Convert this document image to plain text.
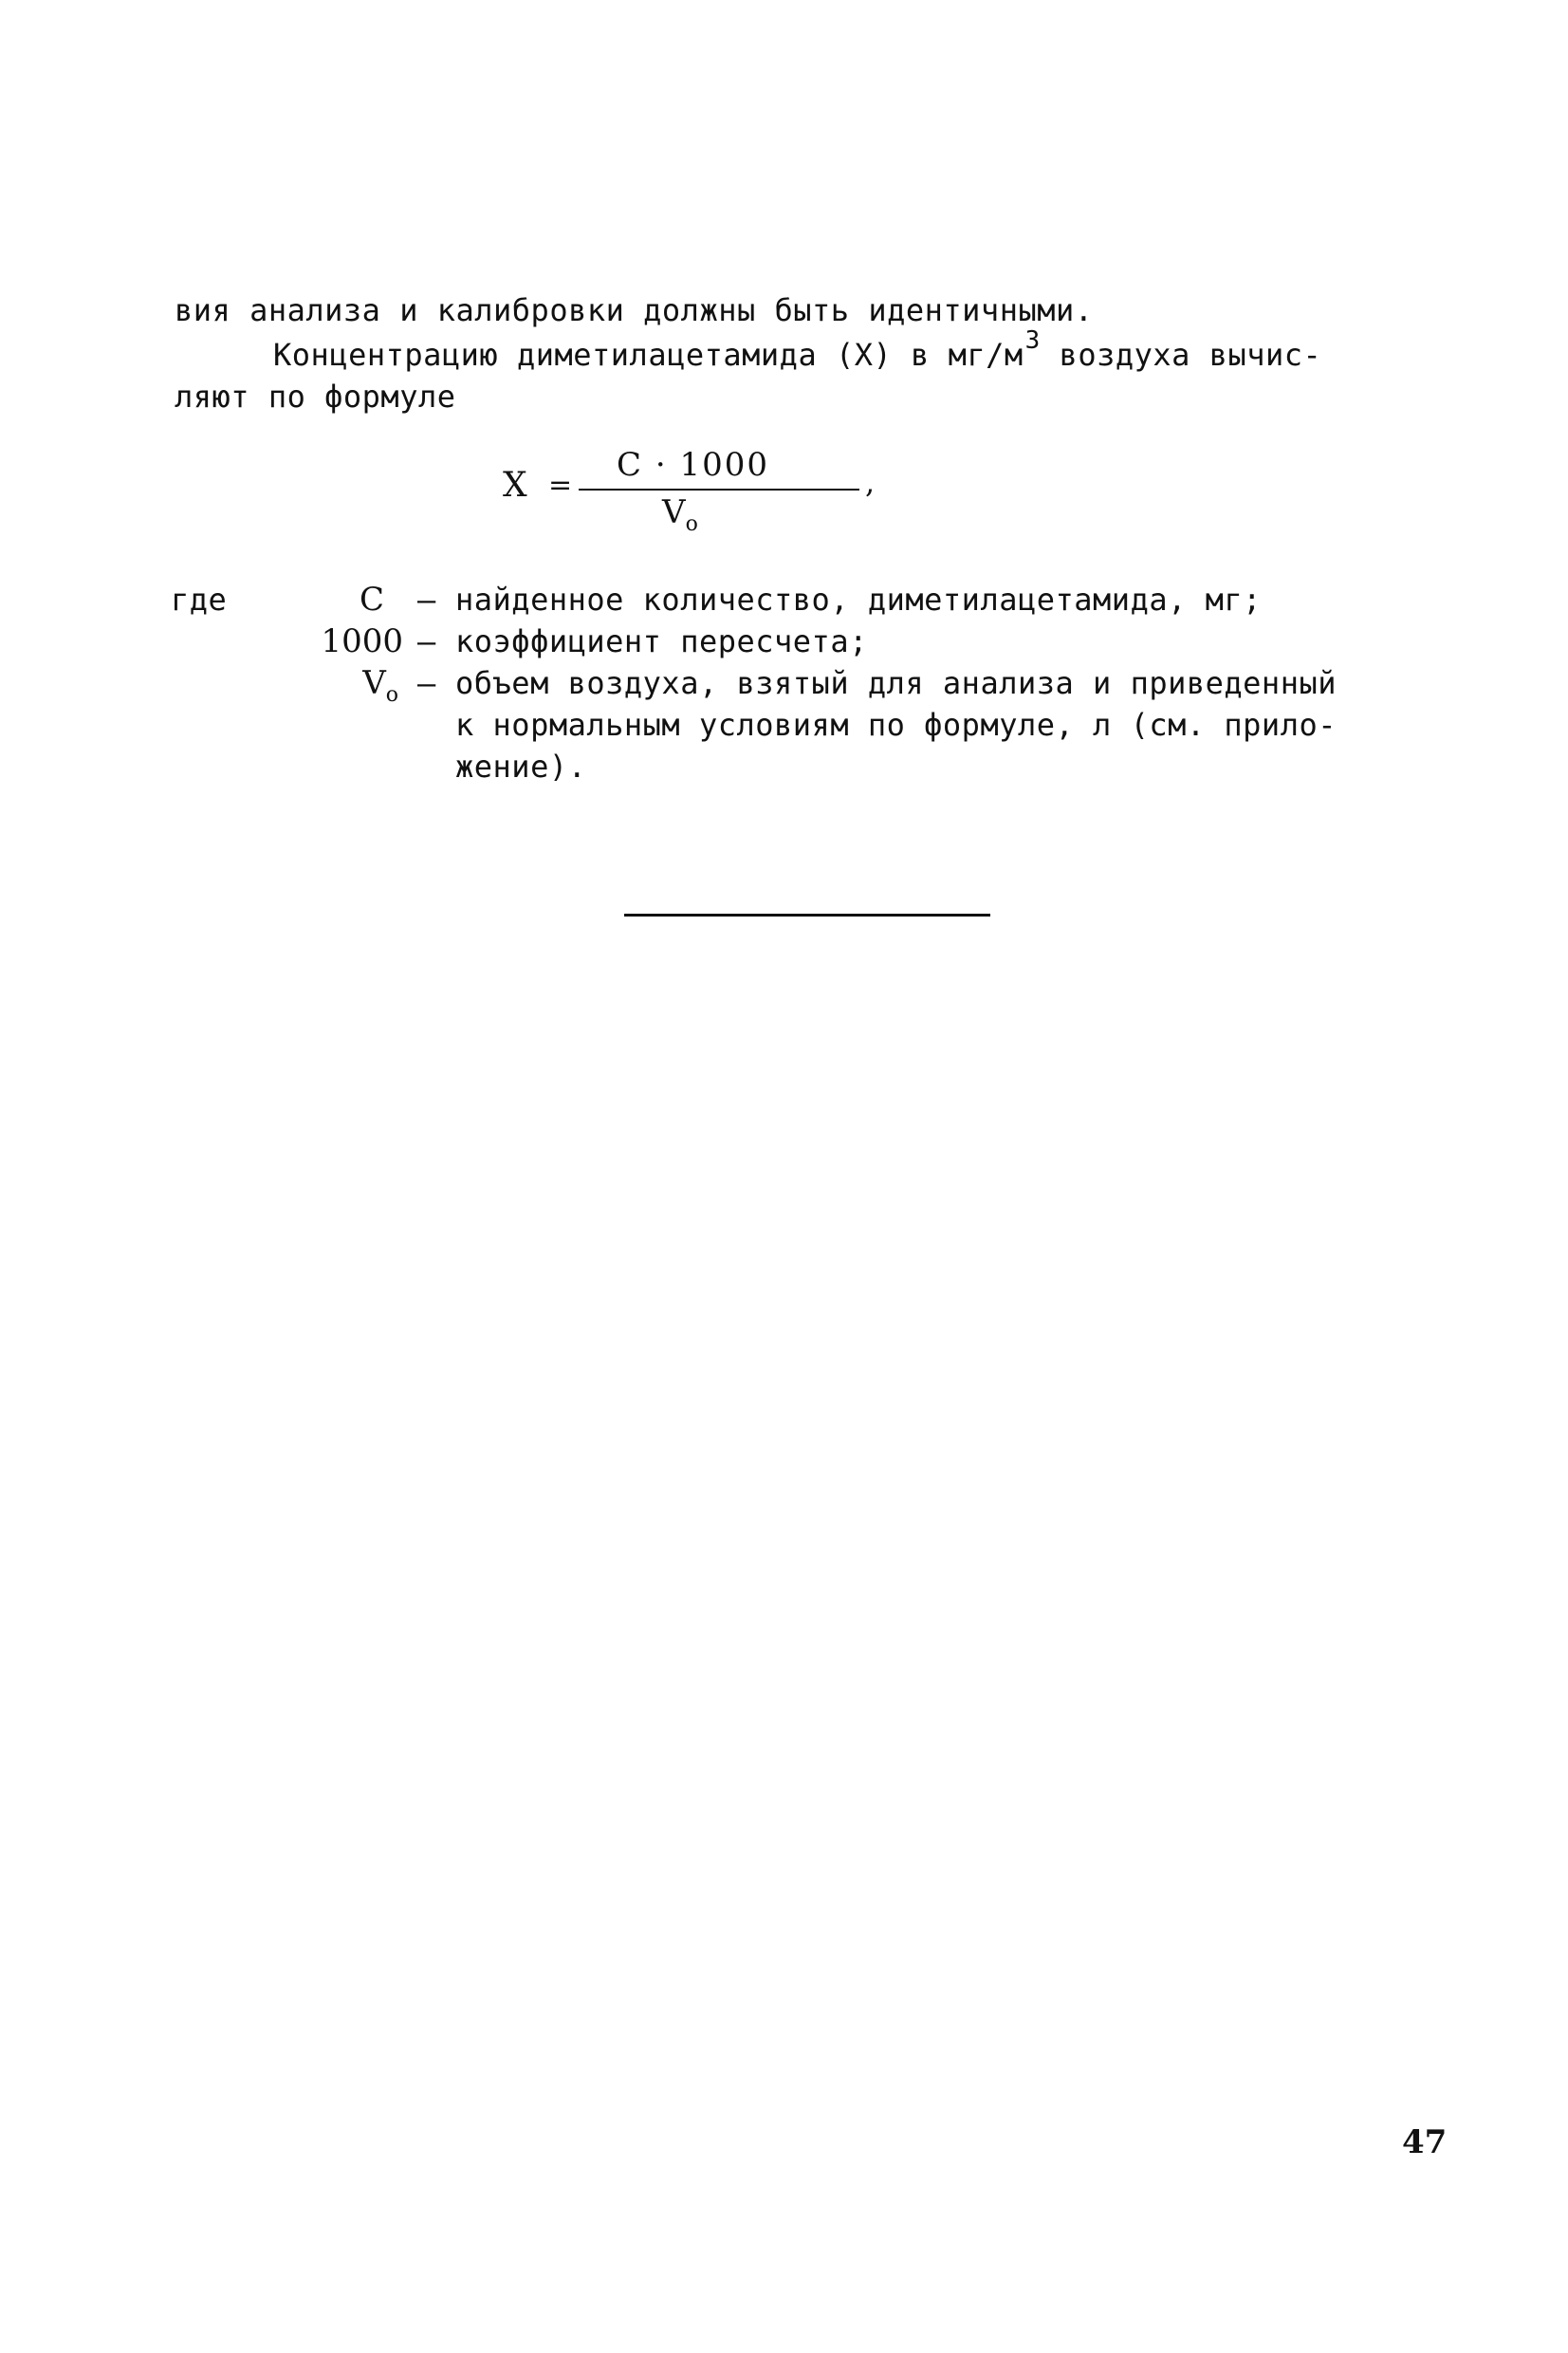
вия анализа и калибровки должны быть идентичными.
Концентрацию диметилацетамида (X) в $мг/м^3$ воздуха вычис-
ляют по формуле
X =
C · 1000	,
$V_o$
где	C – найденное количество, диметилацетамида, мг;
1000 – коэффициент пересчета;
$V_o$ – объем воздуха, взятый для анализа и приведенный
к нормальным условиям по формуле, л (см. прило-
жение).
47
